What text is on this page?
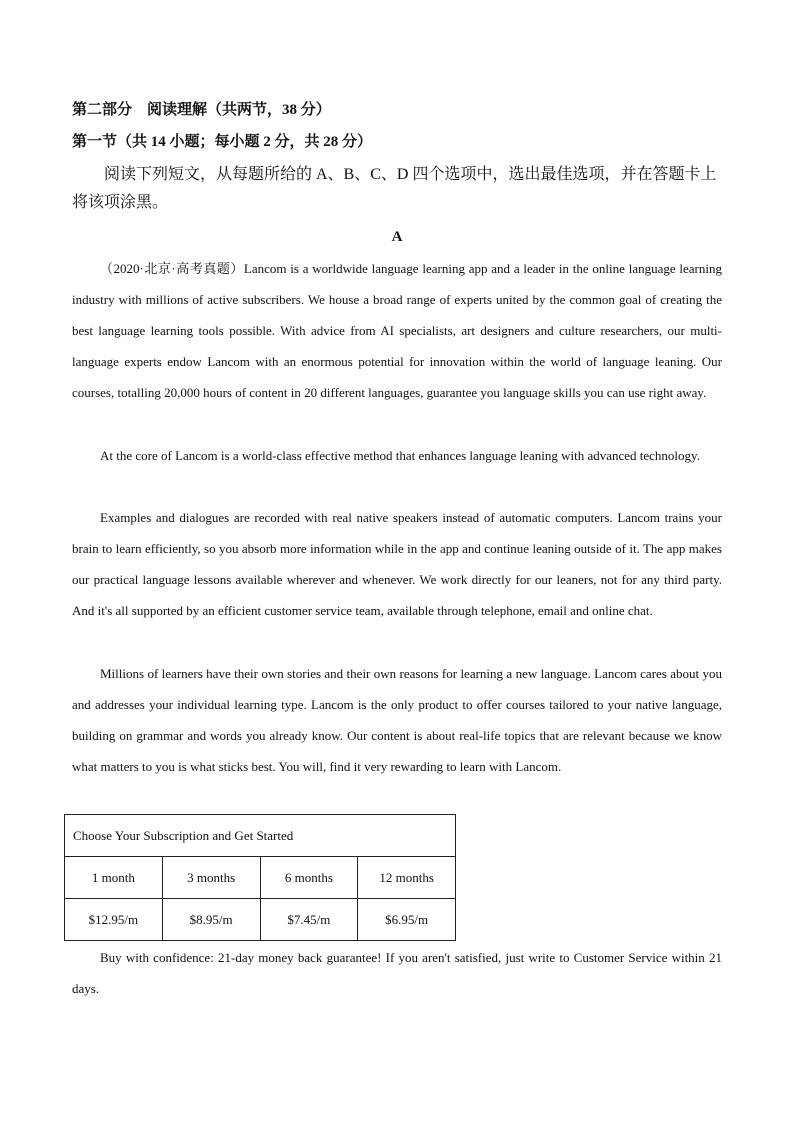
第二部分　阅读理解（共两节，38 分）
第一节（共 14 小题；每小题 2 分，共 28 分）

阅读下列短文，从每题所给的 A、B、C、D 四个选项中，选出最佳选项，并在答题卡上将该项涂黑。

A

（2020·北京·高考真题）Lancom is a worldwide language learning app and a leader in the online language learning industry with millions of active subscribers. We house a broad range of experts united by the common goal of creating the best language learning tools possible. With advice from AI specialists, art designers and culture researchers, our multi-language experts endow Lancom with an enormous potential for innovation within the world of language leaning. Our courses, totalling 20,000 hours of content in 20 different languages, guarantee you language skills you can use right away.

At the core of Lancom is a world-class effective method that enhances language leaning with advanced technology.

Examples and dialogues are recorded with real native speakers instead of automatic computers. Lancom trains your brain to learn efficiently, so you absorb more information while in the app and continue leaning outside of it. The app makes our practical language lessons available wherever and whenever. We work directly for our leaners, not for any third party. And it's all supported by an efficient customer service team, available through telephone, email and online chat.

Millions of learners have their own stories and their own reasons for learning a new language. Lancom cares about you and addresses your individual learning type. Lancom is the only product to offer courses tailored to your native language, building on grammar and words you already know. Our content is about real-life topics that are relevant because we know what matters to you is what sticks best. You will, find it very rewarding to learn with Lancom.

Choose Your Subscription and Get Started			
1 month	3 months	6 months	12 months
$12.95/m	$8.95/m	$7.45/m	$6.95/m

Buy with confidence: 21-day money back guarantee! If you aren't satisfied, just write to Customer Service within 21 days.
